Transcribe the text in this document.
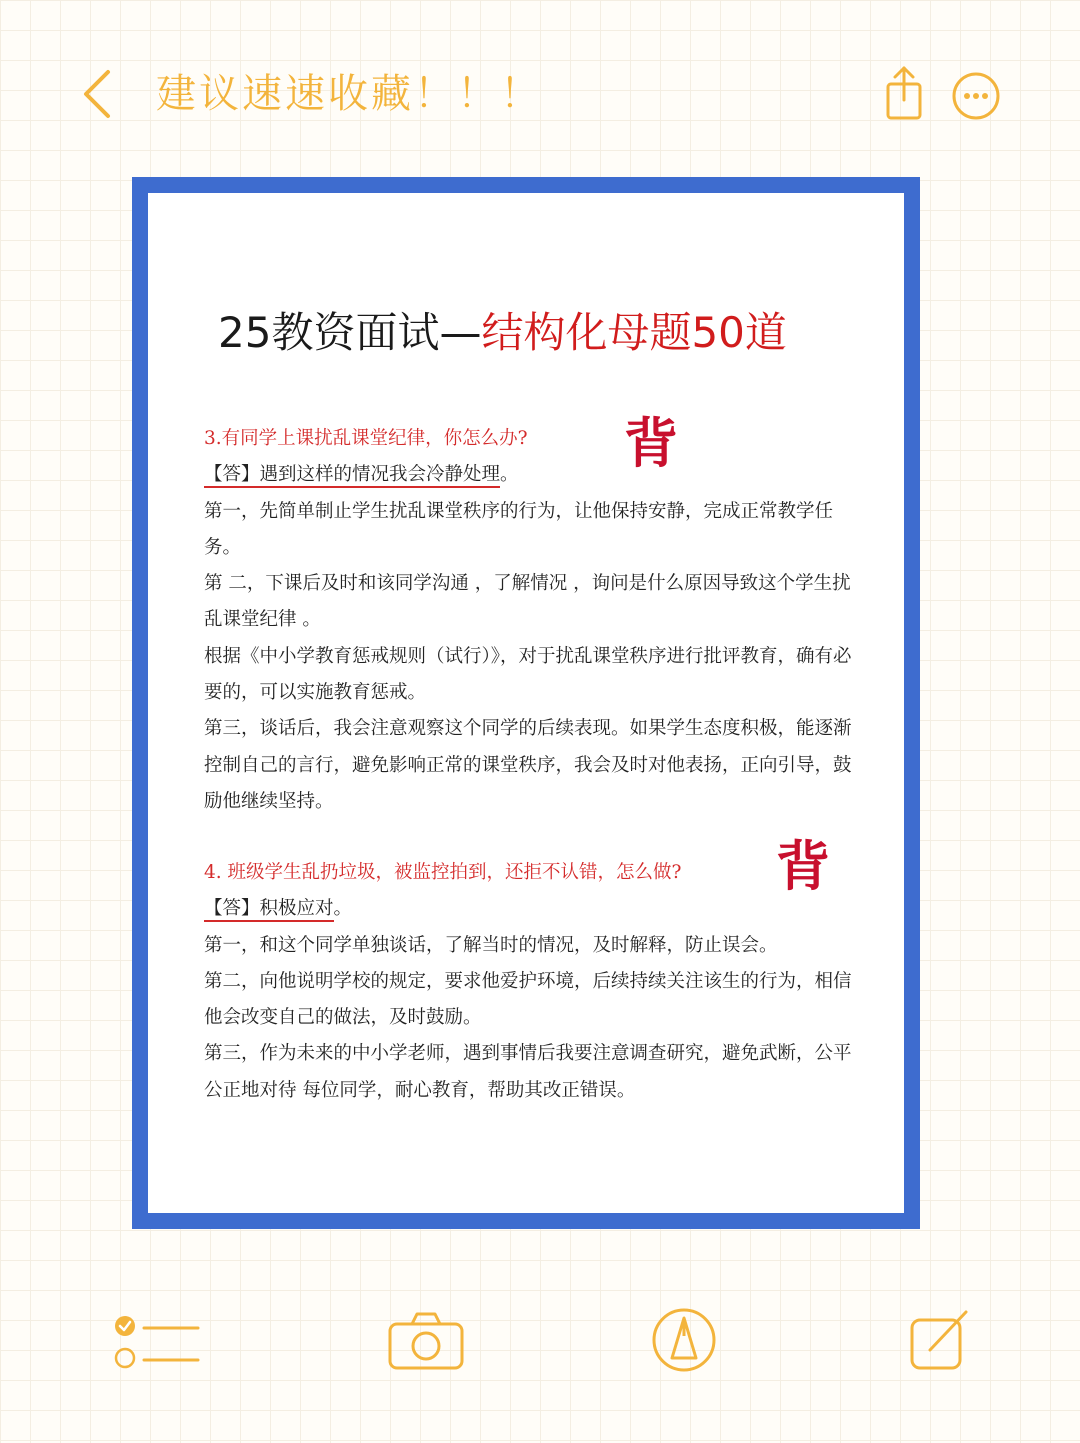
建议速速收藏！！！
25教资面试—结构化母题50道
背
背

3.有同学上课扰乱课堂纪律，你怎么办?

【答】遇到这样的情况我会冷静处理。

第一，先简单制止学生扰乱课堂秩序的行为，让他保持安静，完成正常教学任务。

第 二，下课后及时和该同学沟通 ，了解情况 ，询问是什么原因导致这个学生扰乱课堂纪律 。

根据《中小学教育惩戒规则（试行）》，对于扰乱课堂秩序进行批评教育，确有必要的，可以实施教育惩戒。

第三，谈话后，我会注意观察这个同学的后续表现。如果学生态度积极，能逐渐控制自己的言行，避免影响正常的课堂秩序，我会及时对他表扬，正向引导，鼓励他继续坚持。

4. 班级学生乱扔垃圾，被监控拍到，还拒不认错，怎么做?

【答】积极应对。

第一，和这个同学单独谈话，了解当时的情况，及时解释，防止误会。

第二，向他说明学校的规定，要求他爱护环境，后续持续关注该生的行为，相信他会改变自己的做法，及时鼓励。

第三，作为未来的中小学老师，遇到事情后我要注意调查研究，避免武断，公平公正地对待 每位同学，耐心教育，帮助其改正错误。
